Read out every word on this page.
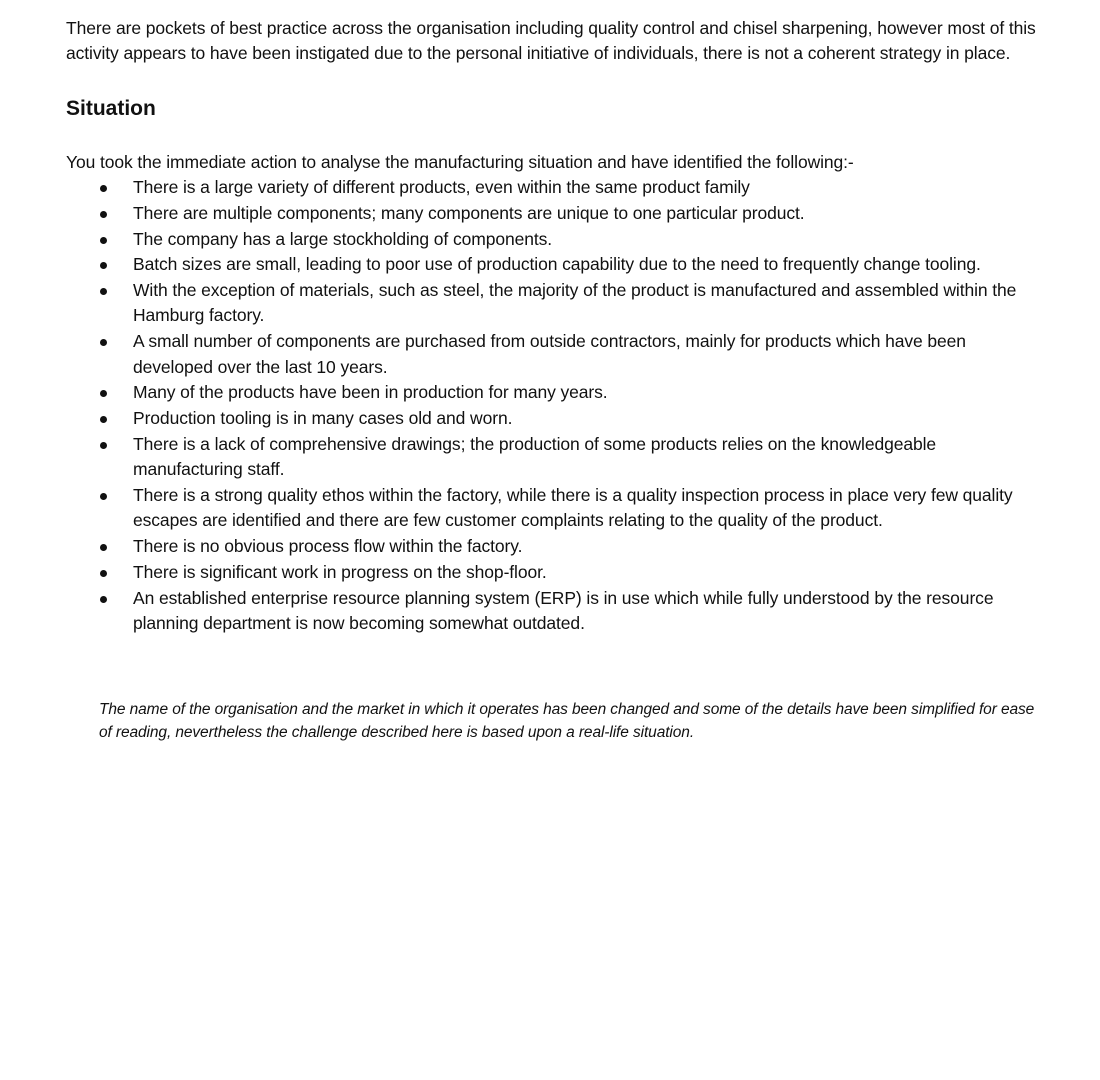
There are pockets of best practice across the organisation including quality control and chisel sharpening, however most of this activity appears to have been instigated due to the personal initiative of individuals, there is not a coherent strategy in place.

Situation

You took the immediate action to analyse the manufacturing situation and have identified the following:-

There is a large variety of different products, even within the same product family
There are multiple components; many components are unique to one particular product.
The company has a large stockholding of components.
Batch sizes are small, leading to poor use of production capability due to the need to frequently change tooling.
With the exception of materials, such as steel, the majority of the product is manufactured and assembled within the Hamburg factory.
A small number of components are purchased from outside contractors, mainly for products which have been developed over the last 10 years.
Many of the products have been in production for many years.
Production tooling is in many cases old and worn.
There is a lack of comprehensive drawings; the production of some products relies on the knowledgeable manufacturing staff.
There is a strong quality ethos within the factory, while there is a quality inspection process in place very few quality escapes are identified and there are few customer complaints relating to the quality of the product.
There is no obvious process flow within the factory.
There is significant work in progress on the shop-floor.
An established enterprise resource planning system (ERP) is in use which while fully understood by the resource planning department is now becoming somewhat outdated.

The name of the organisation and the market in which it operates has been changed and some of the details have been simplified for ease of reading, nevertheless the challenge described here is based upon a real-life situation.
